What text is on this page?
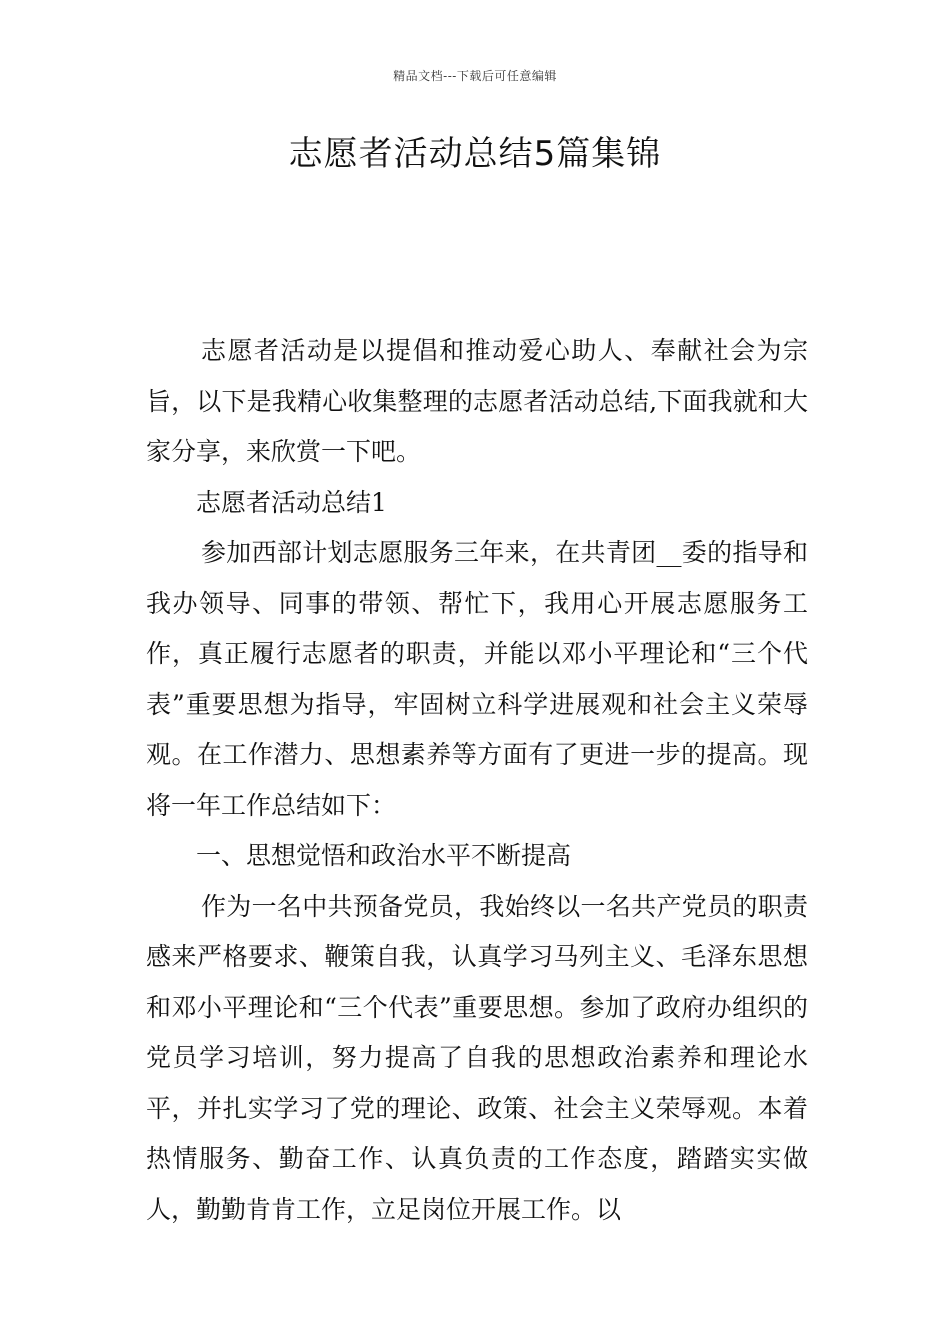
精品文档---下载后可任意编辑
志愿者活动总结5篇集锦

志愿者活动是以提倡和推动爱心助人、奉献社会为宗旨，以下是我精心收集整理的志愿者活动总结,下面我就和大家分享，来欣赏一下吧。

志愿者活动总结1

参加西部计划志愿服务三年来，在共青团__委的指导和我办领导、同事的带领、帮忙下，我用心开展志愿服务工作，真正履行志愿者的职责，并能以邓小平理论和“三个代表”重要思想为指导，牢固树立科学进展观和社会主义荣辱观。在工作潜力、思想素养等方面有了更进一步的提高。现将一年工作总结如下：

一、思想觉悟和政治水平不断提高

作为一名中共预备党员，我始终以一名共产党员的职责感来严格要求、鞭策自我，认真学习马列主义、毛泽东思想和邓小平理论和“三个代表”重要思想。参加了政府办组织的党员学习培训，努力提高了自我的思想政治素养和理论水平，并扎实学习了党的理论、政策、社会主义荣辱观。本着热情服务、勤奋工作、认真负责的工作态度，踏踏实实做人，勤勤肯肯工作，立足岗位开展工作。以
